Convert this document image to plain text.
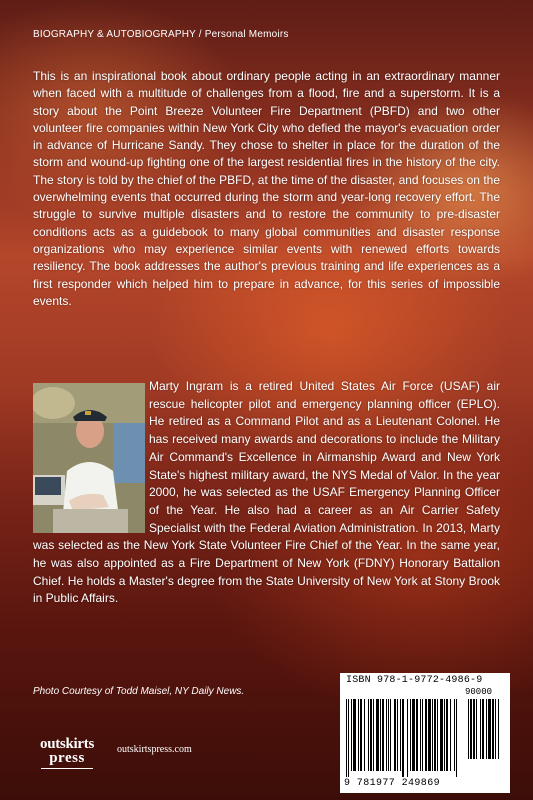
BIOGRAPHY & AUTOBIOGRAPHY / Personal Memoirs

This is an inspirational book about ordinary people acting in an extraordinary manner when faced with a multitude of challenges from a flood, fire and a superstorm. It is a story about the Point Breeze Volunteer Fire Department (PBFD) and two other volunteer fire companies within New York City who defied the mayor's evacuation order in advance of Hurricane Sandy. They chose to shelter in place for the duration of the storm and wound-up fighting one of the largest residential fires in the history of the city. The story is told by the chief of the PBFD, at the time of the disaster, and focuses on the overwhelming events that occurred during the storm and year-long recovery effort. The struggle to survive multiple disasters and to restore the community to pre-disaster conditions acts as a guidebook to many global communities and disaster response organizations who may experience similar events with renewed efforts towards resiliency. The book addresses the author's previous training and life experiences as a first responder which helped him to prepare in advance, for this series of impossible events.

Marty Ingram is a retired United States Air Force (USAF) air rescue helicopter pilot and emergency planning officer (EPLO). He retired as a Command Pilot and as a Lieutenant Colonel. He has received many awards and decorations to include the Military Air Command's Excellence in Airmanship Award and New York State's highest military award, the NYS Medal of Valor. In the year 2000, he was selected as the USAF Emergency Planning Officer of the Year. He also had a career as an Air Carrier Safety Specialist with the Federal Aviation Administration. In 2013, Marty was selected as the New York State Volunteer Fire Chief of the Year. In the same year, he was also appointed as a Fire Department of New York (FDNY) Honorary Battalion Chief. He holds a Master's degree from the State University of New York at Stony Brook in Public Affairs.

Photo Courtesy of Todd Maisel, NY Daily News.
outskirts
press
outskirtspress.com
ISBN 978-1-9772-4986-9
90000
9 781977 249869
